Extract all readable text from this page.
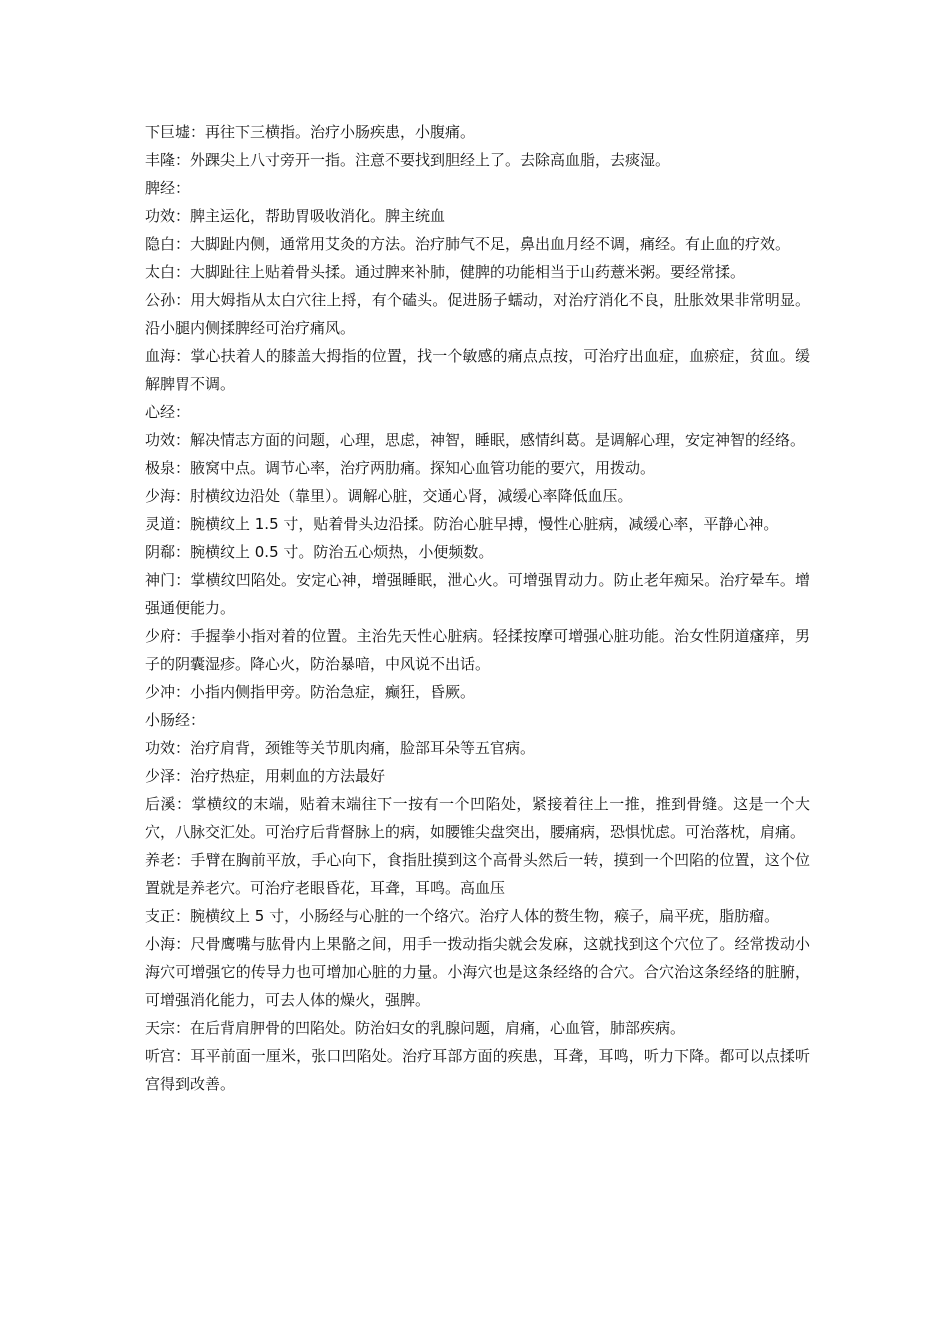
下巨墟：再往下三横指。治疗小肠疾患，小腹痛。

丰隆：外踝尖上八寸旁开一指。注意不要找到胆经上了。去除高血脂，去痰湿。

脾经：

功效：脾主运化，帮助胃吸收消化。脾主统血

隐白：大脚趾内侧，通常用艾灸的方法。治疗肺气不足，鼻出血月经不调，痛经。有止血的疗效。

太白：大脚趾往上贴着骨头揉。通过脾来补肺，健脾的功能相当于山药薏米粥。要经常揉。

公孙：用大姆指从太白穴往上捋，有个磕头。促进肠子蠕动，对治疗消化不良，肚胀效果非常明显。沿小腿内侧揉脾经可治疗痛风。

血海：掌心扶着人的膝盖大拇指的位置，找一个敏感的痛点点按，可治疗出血症，血瘀症，贫血。缓解脾胃不调。

心经：

功效：解决情志方面的问题，心理，思虑，神智，睡眠，感情纠葛。是调解心理，安定神智的经络。

极泉：腋窝中点。调节心率，治疗两肋痛。探知心血管功能的要穴，用拨动。

少海：肘横纹边沿处（靠里）。调解心脏，交通心肾，减缓心率降低血压。

灵道：腕横纹上 1.5 寸，贴着骨头边沿揉。防治心脏早搏，慢性心脏病，减缓心率，平静心神。

阴郗：腕横纹上 0.5 寸。防治五心烦热，小便频数。

神门：掌横纹凹陷处。安定心神，增强睡眠，泄心火。可增强胃动力。防止老年痴呆。治疗晕车。增强通便能力。

少府：手握拳小指对着的位置。主治先天性心脏病。轻揉按摩可增强心脏功能。治女性阴道瘙痒，男子的阴囊湿疹。降心火，防治暴喑，中风说不出话。

少冲：小指内侧指甲旁。防治急症，癫狂，昏厥。

小肠经：

功效：治疗肩背，颈锥等关节肌肉痛，脸部耳朵等五官病。

少泽：治疗热症，用刺血的方法最好

后溪：掌横纹的末端，贴着末端往下一按有一个凹陷处，紧接着往上一推，推到骨缝。这是一个大穴，八脉交汇处。可治疗后背督脉上的病，如腰锥尖盘突出，腰痛病，恐惧忧虑。可治落枕，肩痛。

养老：手臂在胸前平放，手心向下，食指肚摸到这个高骨头然后一转，摸到一个凹陷的位置，这个位置就是养老穴。可治疗老眼昏花，耳聋，耳鸣。高血压

支正：腕横纹上 5 寸，小肠经与心脏的一个络穴。治疗人体的赘生物，瘊子，扁平疣，脂肪瘤。

小海：尺骨鹰嘴与肱骨内上果骼之间，用手一拨动指尖就会发麻，这就找到这个穴位了。经常拨动小海穴可增强它的传导力也可增加心脏的力量。小海穴也是这条经络的合穴。合穴治这条经络的脏腑，可增强消化能力，可去人体的燥火，强脾。

天宗：在后背肩胛骨的凹陷处。防治妇女的乳腺问题，肩痛，心血管，肺部疾病。

听宫：耳平前面一厘米，张口凹陷处。治疗耳部方面的疾患，耳聋，耳鸣，听力下降。都可以点揉听宫得到改善。
